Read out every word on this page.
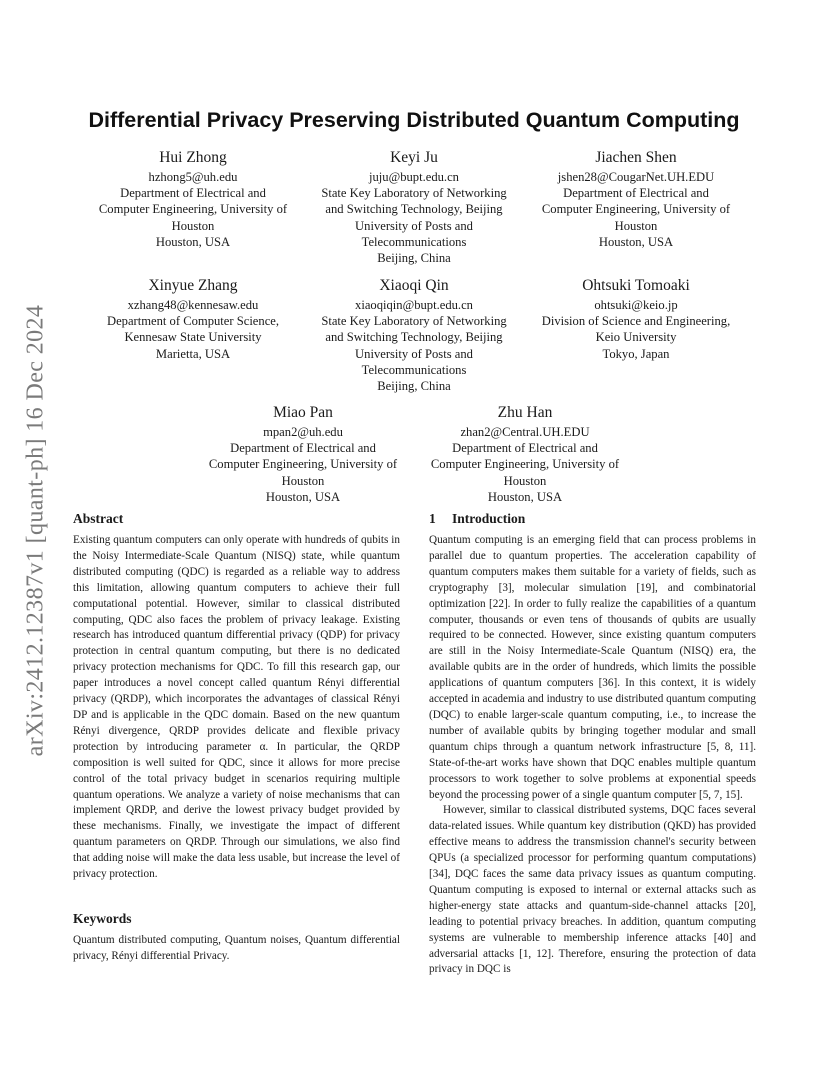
arXiv:2412.12387v1 [quant-ph] 16 Dec 2024
Differential Privacy Preserving Distributed Quantum Computing
Hui Zhong
hzhong5@uh.edu
Department of Electrical and
Computer Engineering, University of
Houston
Houston, USA
Keyi Ju
juju@bupt.edu.cn
State Key Laboratory of Networking
and Switching Technology, Beijing
University of Posts and
Telecommunications
Beijing, China
Jiachen Shen
jshen28@CougarNet.UH.EDU
Department of Electrical and
Computer Engineering, University of
Houston
Houston, USA
Xinyue Zhang
xzhang48@kennesaw.edu
Department of Computer Science,
Kennesaw State University
Marietta, USA
Xiaoqi Qin
xiaoqiqin@bupt.edu.cn
State Key Laboratory of Networking
and Switching Technology, Beijing
University of Posts and
Telecommunications
Beijing, China
Ohtsuki Tomoaki
ohtsuki@keio.jp
Division of Science and Engineering,
Keio University
Tokyo, Japan
Miao Pan
mpan2@uh.edu
Department of Electrical and
Computer Engineering, University of
Houston
Houston, USA
Zhu Han
zhan2@Central.UH.EDU
Department of Electrical and
Computer Engineering, University of
Houston
Houston, USA
Abstract

Existing quantum computers can only operate with hundreds of qubits in the Noisy Intermediate-Scale Quantum (NISQ) state, while quantum distributed computing (QDC) is regarded as a reliable way to address this limitation, allowing quantum computers to achieve their full computational potential. However, similar to classical distributed computing, QDC also faces the problem of privacy leakage. Existing research has introduced quantum differential privacy (QDP) for privacy protection in central quantum computing, but there is no dedicated privacy protection mechanisms for QDC. To fill this research gap, our paper introduces a novel concept called quantum Rényi differential privacy (QRDP), which incorporates the advantages of classical Rényi DP and is applicable in the QDC domain. Based on the new quantum Rényi divergence, QRDP provides delicate and flexible privacy protection by introducing parameter α. In particular, the QRDP composition is well suited for QDC, since it allows for more precise control of the total privacy budget in scenarios requiring multiple quantum operations. We analyze a variety of noise mechanisms that can implement QRDP, and derive the lowest privacy budget provided by these mechanisms. Finally, we investigate the impact of different quantum parameters on QRDP. Through our simulations, we also find that adding noise will make the data less usable, but increase the level of privacy protection.

Keywords

Quantum distributed computing, Quantum noises, Quantum differential privacy, Rényi differential Privacy.

1 Introduction

Quantum computing is an emerging field that can process problems in parallel due to quantum properties. The acceleration capability of quantum computers makes them suitable for a variety of fields, such as cryptography [3], molecular simulation [19], and combinatorial optimization [22]. In order to fully realize the capabilities of a quantum computer, thousands or even tens of thousands of qubits are usually required to be connected. However, since existing quantum computers are still in the Noisy Intermediate-Scale Quantum (NISQ) era, the available qubits are in the order of hundreds, which limits the possible applications of quantum computers [36]. In this context, it is widely accepted in academia and industry to use distributed quantum computing (DQC) to enable larger-scale quantum computing, i.e., to increase the number of available qubits by bringing together modular and small quantum chips through a quantum network infrastructure [5, 8, 11]. State-of-the-art works have shown that DQC enables multiple quantum processors to work together to solve problems at exponential speeds beyond the processing power of a single quantum computer [5, 7, 15].

However, similar to classical distributed systems, DQC faces several data-related issues. While quantum key distribution (QKD) has provided effective means to address the transmission channel's security between QPUs (a specialized processor for performing quantum computations) [34], DQC faces the same data privacy issues as quantum computing. Quantum computing is exposed to internal or external attacks such as higher-energy state attacks and quantum-side-channel attacks [20], leading to potential privacy breaches. In addition, quantum computing systems are vulnerable to membership inference attacks [40] and adversarial attacks [1, 12]. Therefore, ensuring the protection of data privacy in DQC is
